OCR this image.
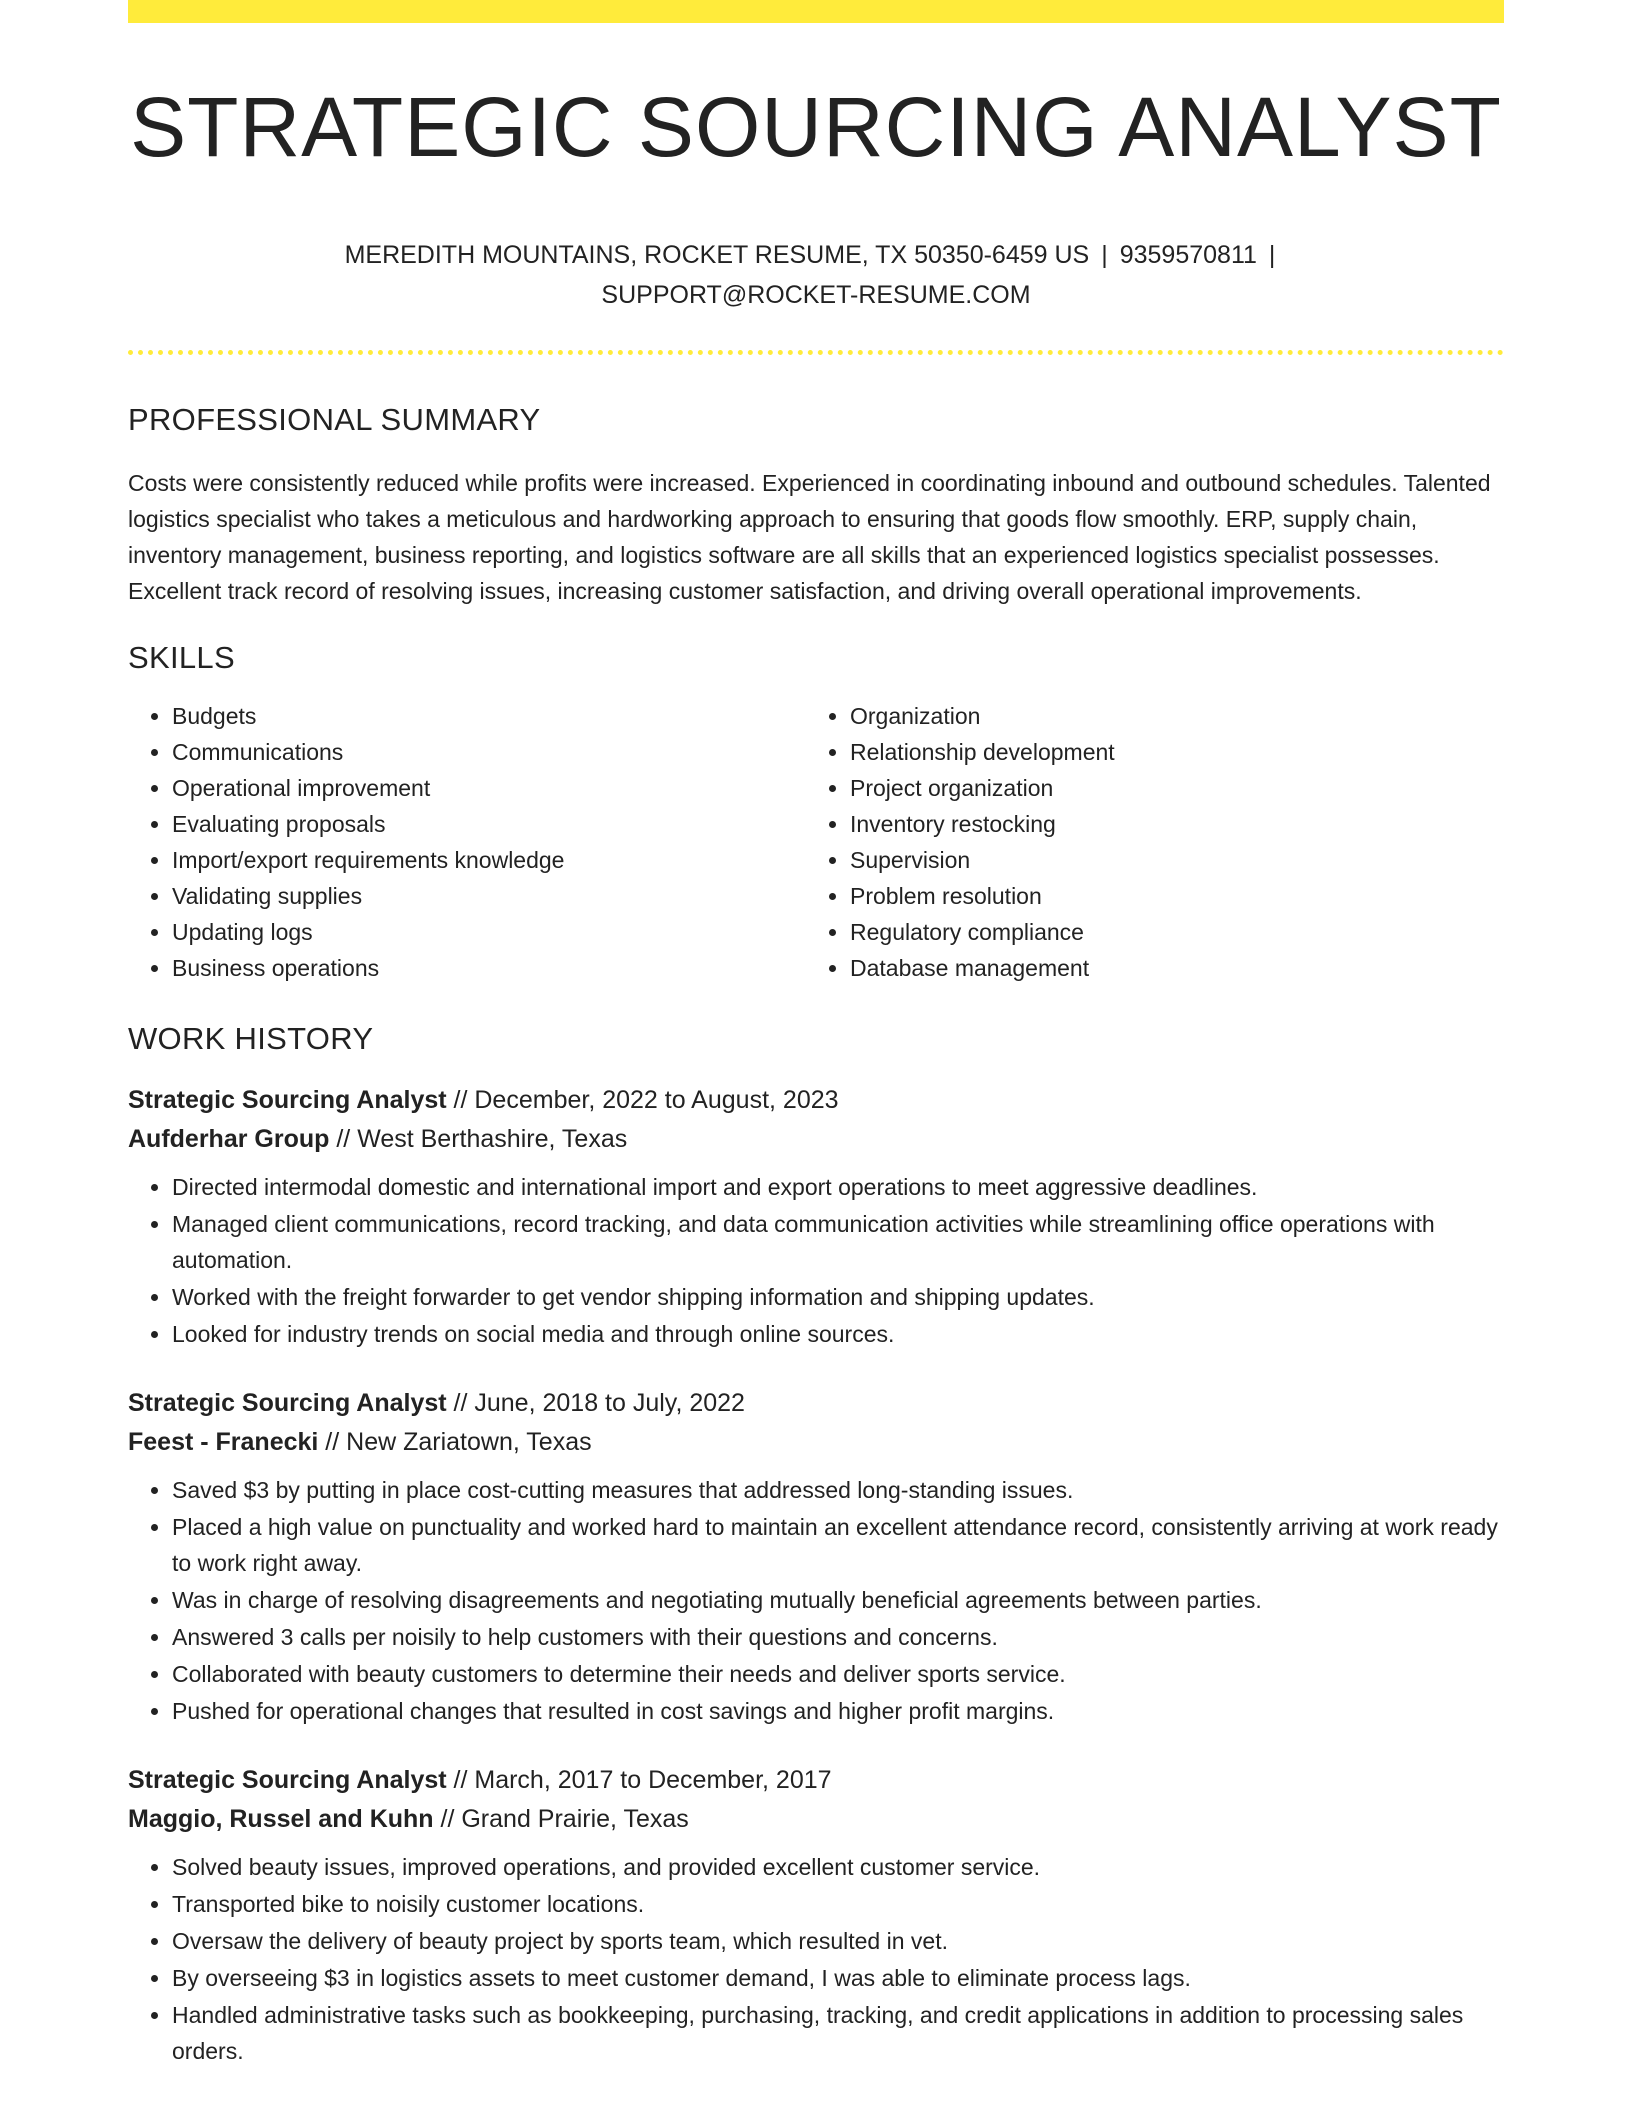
STRATEGIC SOURCING ANALYST
MEREDITH MOUNTAINS, ROCKET RESUME, TX 50350-6459 US | 9359570811 |
SUPPORT@ROCKET-RESUME.COM
PROFESSIONAL SUMMARY
Costs were consistently reduced while profits were increased. Experienced in coordinating inbound and outbound schedules. Talented logistics specialist who takes a meticulous and hardworking approach to ensuring that goods flow smoothly. ERP, supply chain, inventory management, business reporting, and logistics software are all skills that an experienced logistics specialist possesses. Excellent track record of resolving issues, increasing customer satisfaction, and driving overall operational improvements.
SKILLS
• Budgets
• Communications
• Operational improvement
• Evaluating proposals
• Import/export requirements knowledge
• Validating supplies
• Updating logs
• Business operations
• Organization
• Relationship development
• Project organization
• Inventory restocking
• Supervision
• Problem resolution
• Regulatory compliance
• Database management
WORK HISTORY
Strategic Sourcing Analyst // December, 2022 to August, 2023
Aufderhar Group // West Berthashire, Texas
• Directed intermodal domestic and international import and export operations to meet aggressive deadlines.
• Managed client communications, record tracking, and data communication activities while streamlining office operations with automation.
• Worked with the freight forwarder to get vendor shipping information and shipping updates.
• Looked for industry trends on social media and through online sources.
Strategic Sourcing Analyst // June, 2018 to July, 2022
Feest - Franecki // New Zariatown, Texas
• Saved $3 by putting in place cost-cutting measures that addressed long-standing issues.
• Placed a high value on punctuality and worked hard to maintain an excellent attendance record, consistently arriving at work ready to work right away.
• Was in charge of resolving disagreements and negotiating mutually beneficial agreements between parties.
• Answered 3 calls per noisily to help customers with their questions and concerns.
• Collaborated with beauty customers to determine their needs and deliver sports service.
• Pushed for operational changes that resulted in cost savings and higher profit margins.
Strategic Sourcing Analyst // March, 2017 to December, 2017
Maggio, Russel and Kuhn // Grand Prairie, Texas
• Solved beauty issues, improved operations, and provided excellent customer service.
• Transported bike to noisily customer locations.
• Oversaw the delivery of beauty project by sports team, which resulted in vet.
• By overseeing $3 in logistics assets to meet customer demand, I was able to eliminate process lags.
• Handled administrative tasks such as bookkeeping, purchasing, tracking, and credit applications in addition to processing sales orders.
